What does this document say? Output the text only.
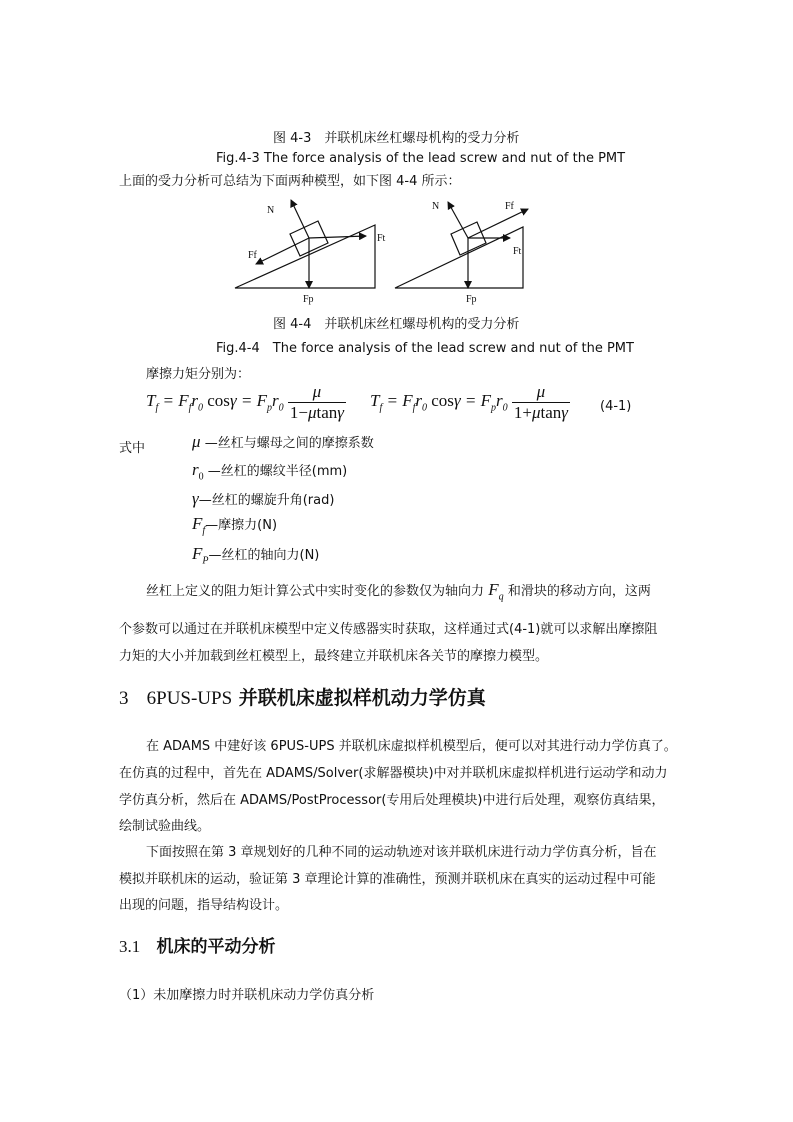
图 4-3　并联机床丝杠螺母机构的受力分析
Fig.4-3 The force analysis of the lead screw and nut of the PMT
上面的受力分析可总结为下面两种模型，如下图 4-4 所示：
N
Ft
Ff
Fp
N	Ff
Ft
Fp
图 4-4　并联机床丝杠螺母机构的受力分析
Fig.4-4　The force analysis of the lead screw and nut of the PMT
摩擦力矩分别为：
$T_f = F_fr_0$ $\cos\gamma = F_pr_0 \frac{\mu}{1-\mu\tan\gamma} T_f = F_fr_0$ $\cos\gamma = F_pr_0 \frac{\mu}{1+\mu\tan\gamma} (4-1)$
式中	μ —丝杠与螺母之间的摩擦系数
$r_0$ —丝杠的螺纹半径(mm)
γ—丝杠的螺旋升角(rad)
$F_f—$摩擦力(N)
$F_P—$丝杠的轴向力(N)
丝杠上定义的阻力矩计算公式中实时变化的参数仅为轴向力 $F_q$ 和滑块的移动方向，这两
个参数可以通过在并联机床模型中定义传感器实时获取，这样通过式(4-1)就可以求解出摩擦阻
力矩的大小并加载到丝杠模型上，最终建立并联机床各关节的摩擦力模型。
3 6PUS-UPS 并联机床虚拟样机动力学仿真
在 ADAMS 中建好该 6PUS-UPS 并联机床虚拟样机模型后，便可以对其进行动力学仿真了。
在仿真的过程中，首先在 ADAMS/Solver(求解器模块)中对并联机床虚拟样机进行运动学和动力
学仿真分析，然后在 ADAMS/PostProcessor(专用后处理模块)中进行后处理，观察仿真结果，
绘制试验曲线。
下面按照在第 3 章规划好的几种不同的运动轨迹对该并联机床进行动力学仿真分析，旨在
模拟并联机床的运动，验证第 3 章理论计算的准确性，预测并联机床在真实的运动过程中可能
出现的问题，指导结构设计。
3.1 机床的平动分析
（1）未加摩擦力时并联机床动力学仿真分析
